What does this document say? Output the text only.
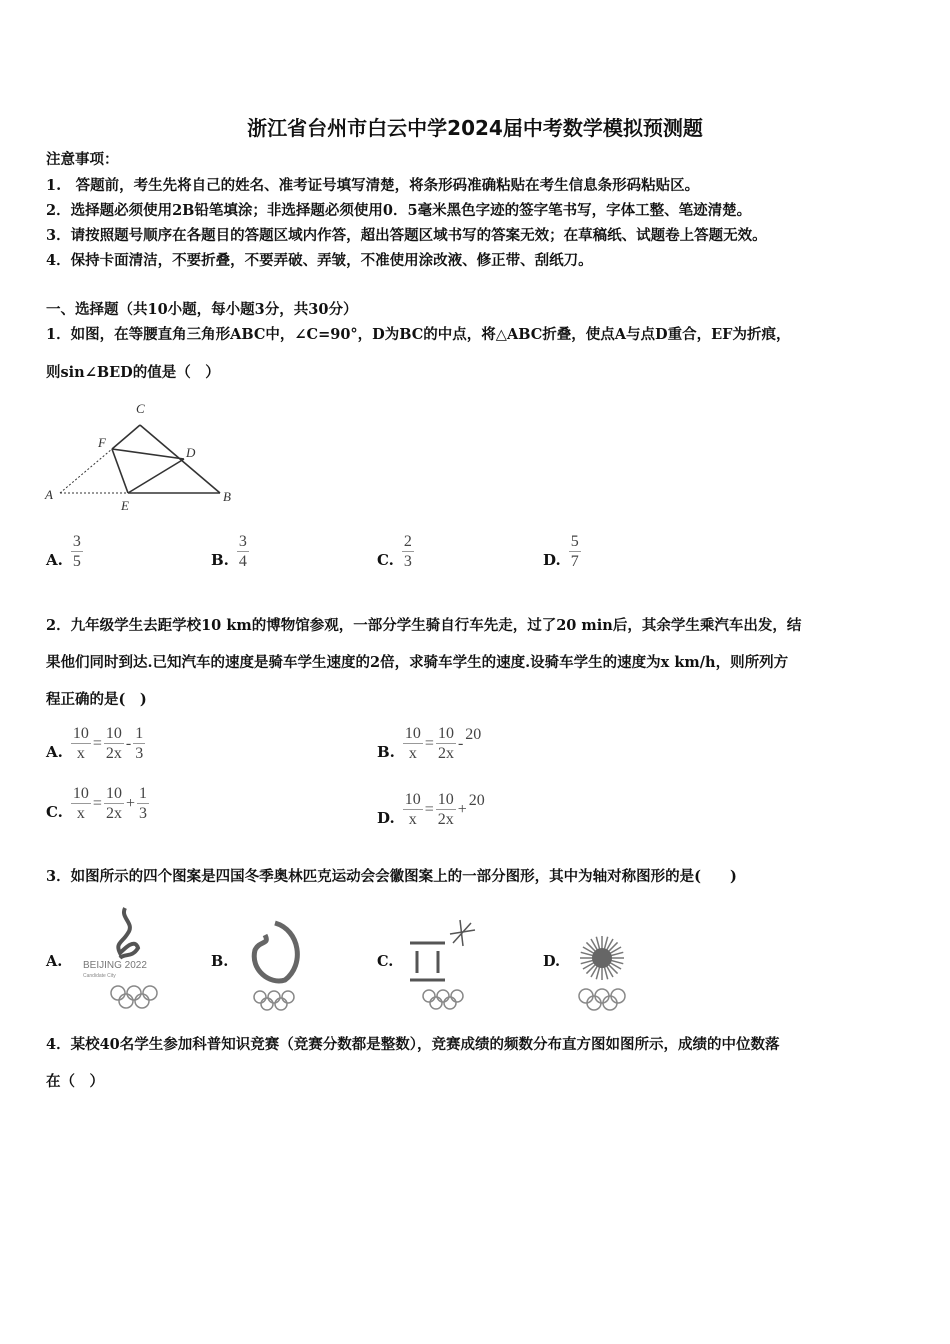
浙江省台州市白云中学2024届中考数学模拟预测题
注意事项：
1.　答题前，考生先将自己的姓名、准考证号填写清楚，将条形码准确粘贴在考生信息条形码粘贴区。
2．选择题必须使用2B铅笔填涂；非选择题必须使用0．5毫米黑色字迹的签字笔书写，字体工整、笔迹清楚。
3．请按照题号顺序在各题目的答题区域内作答，超出答题区域书写的答案无效；在草稿纸、试题卷上答题无效。
4．保持卡面清洁，不要折叠，不要弄破、弄皱，不准使用涂改液、修正带、刮纸刀。
一、选择题（共10小题，每小题3分，共30分）
1．如图，在等腰直角三角形ABC中，∠C=90°，D为BC的中点，将△ABC折叠，使点A与点D重合，EF为折痕，
则sin∠BED的值是（　）
C
F
D
A	B
E
A. $\frac{3}{5}$	B. $\frac{3}{4}$	C. $\frac{2}{3}$	D. $\frac{5}{7}$
2．九年级学生去距学校10 km的博物馆参观，一部分学生骑自行车先走，过了20 min后，其余学生乘汽车出发，结
果他们同时到达.已知汽车的速度是骑车学生速度的2倍，求骑车学生的速度.设骑车学生的速度为x km/h，则所列方
程正确的是(　)
A. $\frac{10}{x} = \frac{10}{2x} - \frac{1}{3}$	B. $\frac{10}{x} = \frac{10}{2x}$ -
20
C. $\frac{10}{x} = \frac{10}{2x} + \frac{1}{3}$	D. $\frac{10}{x} = \frac{10}{2x}$ +
20
3．如图所示的四个图案是四国冬季奥林匹克运动会会徽图案上的一部分图形，其中为轴对称图形的是(　　)
A.	B.	C.	D.
BEIJING 2022
Candidate City
4．某校40名学生参加科普知识竞赛（竞赛分数都是整数），竞赛成绩的频数分布直方图如图所示，成绩的中位数落
在（　）
